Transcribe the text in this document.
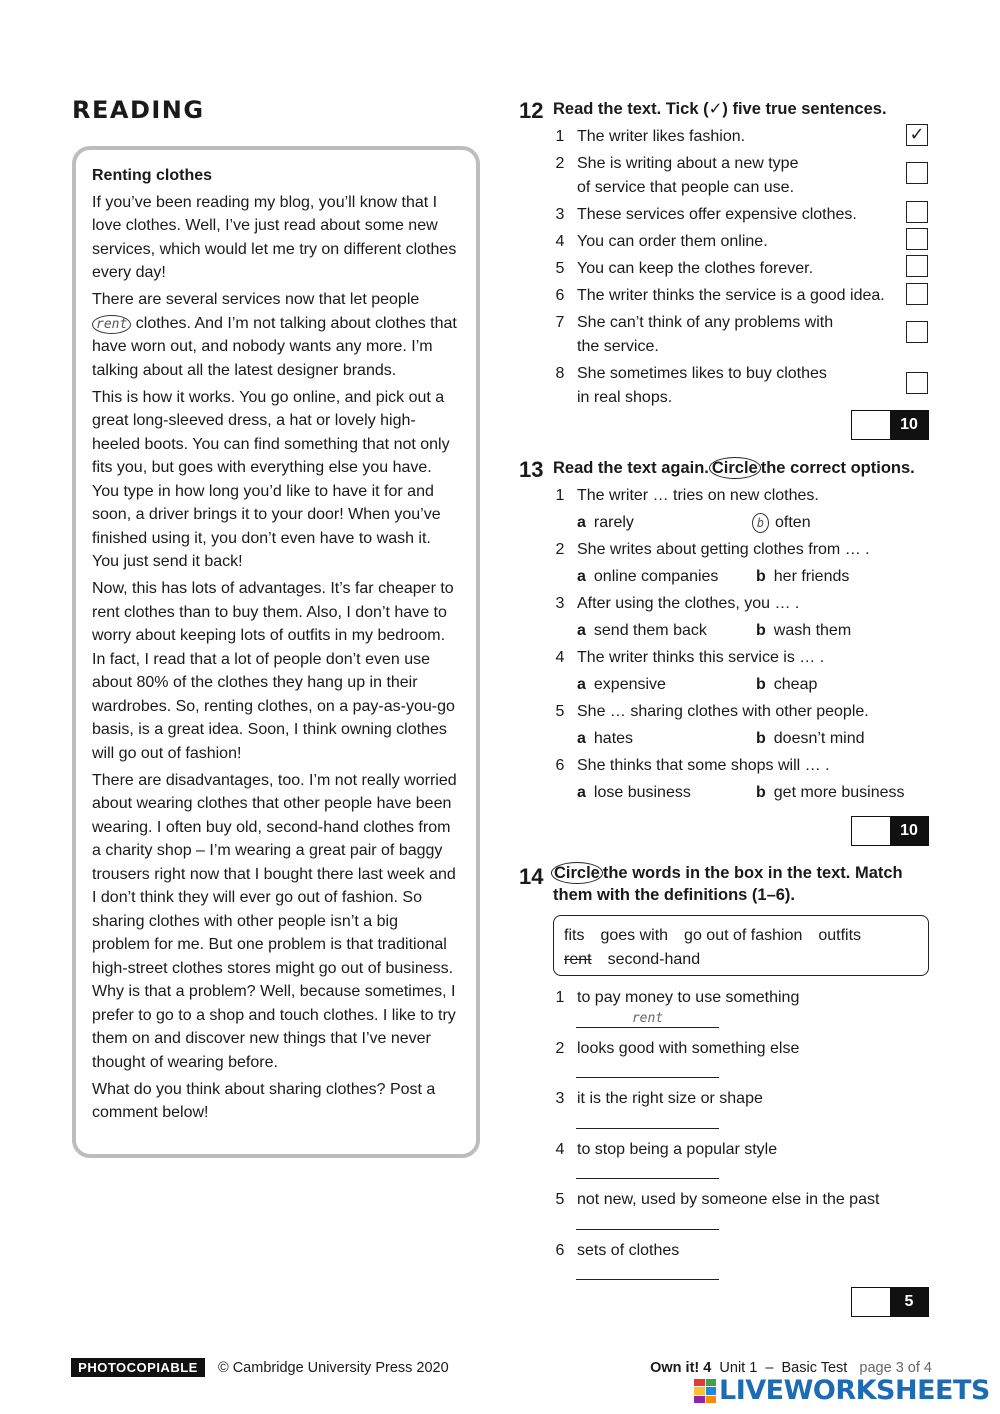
READING
Renting clothes

If you’ve been reading my blog, you’ll know that I love clothes. Well, I’ve just read about some new services, which would let me try on different clothes every day!

There are several services now that let people rent clothes. And I’m not talking about clothes that have worn out, and nobody wants any more. I’m talking about all the latest designer brands.

This is how it works. You go online, and pick out a great long-sleeved dress, a hat or lovely high-heeled boots. You can find something that not only fits you, but goes with everything else you have. You type in how long you’d like to have it for and soon, a driver brings it to your door! When you’ve finished using it, you don’t even have to wash it. You just send it back!

Now, this has lots of advantages. It’s far cheaper to rent clothes than to buy them. Also, I don’t have to worry about keeping lots of outfits in my bedroom. In fact, I read that a lot of people don’t even use about 80% of the clothes they hang up in their wardrobes. So, renting clothes, on a pay-as-you-go basis, is a great idea. Soon, I think owning clothes will go out of fashion!

There are disadvantages, too. I’m not really worried about wearing clothes that other people have been wearing. I often buy old, second-hand clothes from a charity shop – I’m wearing a great pair of baggy trousers right now that I bought there last week and I don’t think they will ever go out of fashion. So sharing clothes with other people isn’t a big problem for me. But one problem is that traditional high-street clothes stores might go out of business. Why is that a problem? Well, because sometimes, I prefer to go to a shop and touch clothes. I like to try them on and discover new things that I’ve never thought of wearing before.

What do you think about sharing clothes? Post a comment below!

12 Read the text. Tick (✓) five true sentences.
1 The writer likes fashion.	✓
2 She is writing about a new type
of service that people can use.
3 These services offer expensive clothes.
4 You can order them online.
5 You can keep the clothes forever.
6 The writer thinks the service is a good idea.
7 She can’t think of any problems with
the service.
8 She sometimes likes to buy clothes
in real shops.
10
13 Read the text again. Circle the correct options.
1 The writer … tries on new clothes.
a rarely	b often
2 She writes about getting clothes from … .
a online companies b her friends
3 After using the clothes, you … .
a send them back	b wash them
4 The writer thinks this service is … .
a expensive	b cheap
5 She … sharing clothes with other people.
a hates	b doesn’t mind
6 She thinks that some shops will … .
a lose business	b get more business
10
14 Circle the words in the box in the text. Match
them with the definitions (1–6).
fits goes with go out of fashion outfits
rent second-hand
1 to pay money to use something
rent
2 looks good with something else
3 it is the right size or shape
4 to stop being a popular style
5 not new, used by someone else in the past
6 sets of clothes
5
PHOTOCOPIABLE	© Cambridge University Press 2020	Own it! 4 Unit 1 – Basic Test page 3 of 4
LIVEWORKSHEETS
